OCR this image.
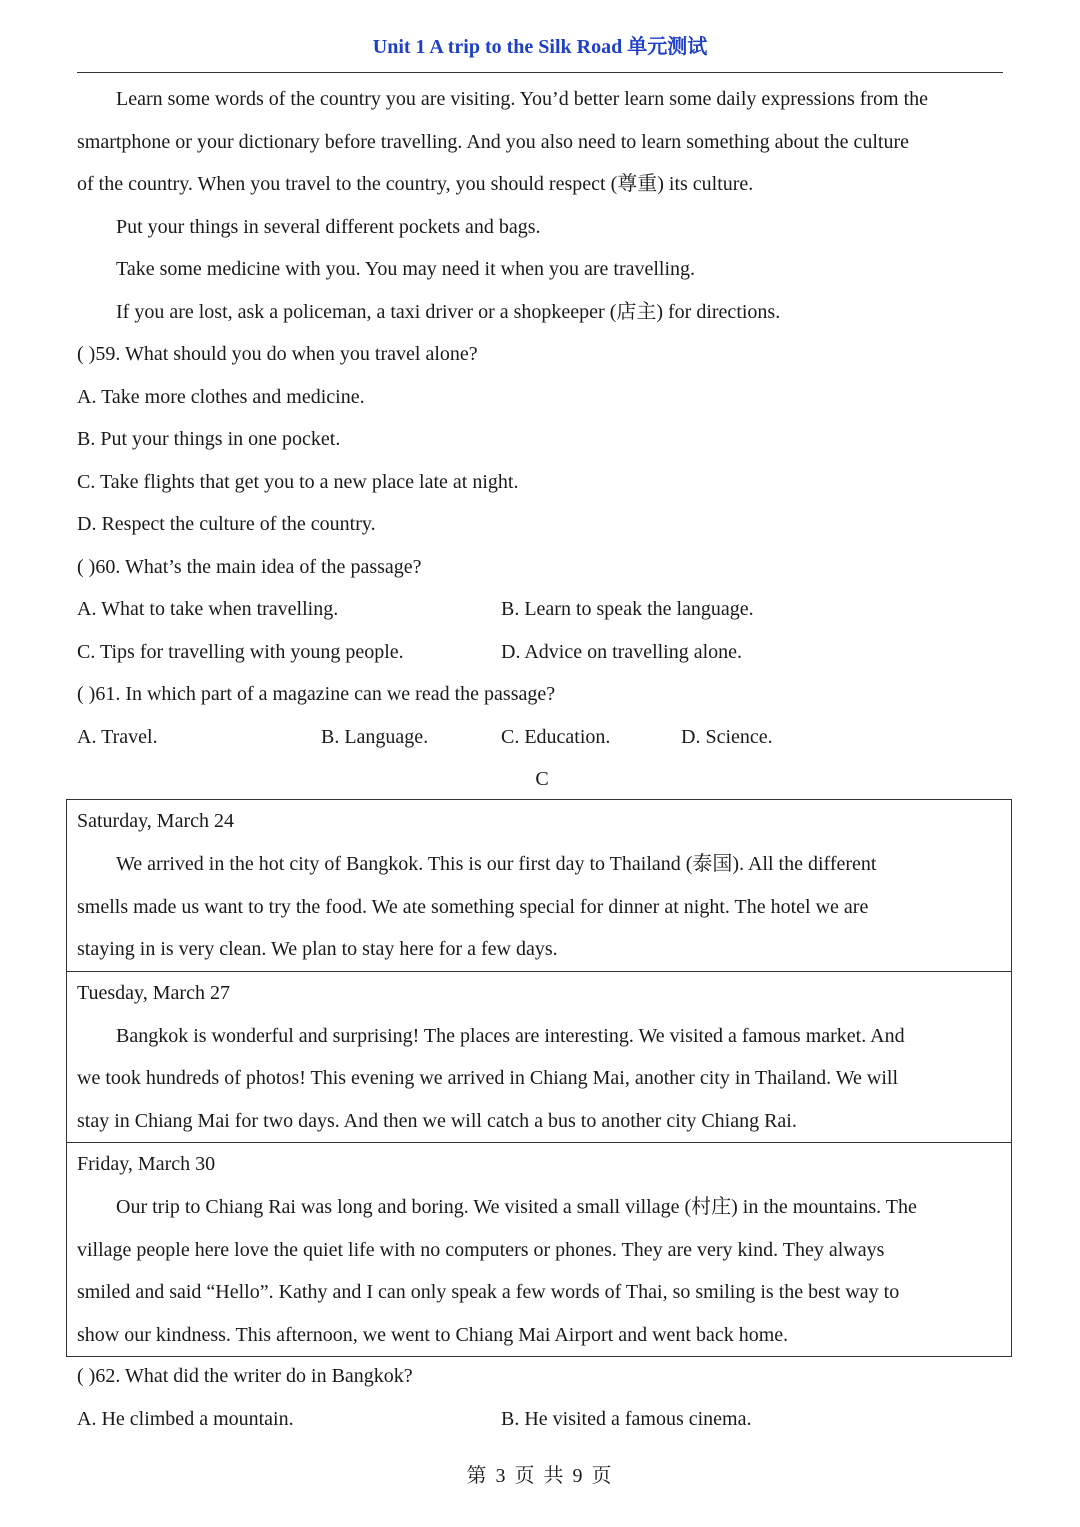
Unit 1 A trip to the Silk Road 单元测试
Learn some words of the country you are visiting. You’d better learn some daily expressions from the
smartphone or your dictionary before travelling. And you also need to learn something about the culture
of the country. When you travel to the country, you should respect (尊重) its culture.
Put your things in several different pockets and bags.
Take some medicine with you. You may need it when you are travelling.
If you are lost, ask a policeman, a taxi driver or a shopkeeper (店主) for directions.
( )59. What should you do when you travel alone?
A. Take more clothes and medicine.
B. Put your things in one pocket.
C. Take flights that get you to a new place late at night.
D. Respect the culture of the country.
( )60. What’s the main idea of the passage?
A. What to take when travelling.	B. Learn to speak the language.
C. Tips for travelling with young people.	D. Advice on travelling alone.
( )61. In which part of a magazine can we read the passage?
A. Travel.	B. Language.	C. Education.	D. Science.
C
Saturday, March 24
We arrived in the hot city of Bangkok. This is our first day to Thailand (泰国). All the different
smells made us want to try the food. We ate something special for dinner at night. The hotel we are
staying in is very clean. We plan to stay here for a few days.
Tuesday, March 27
Bangkok is wonderful and surprising! The places are interesting. We visited a famous market. And
we took hundreds of photos! This evening we arrived in Chiang Mai, another city in Thailand. We will
stay in Chiang Mai for two days. And then we will catch a bus to another city Chiang Rai.
Friday, March 30
Our trip to Chiang Rai was long and boring. We visited a small village (村庄) in the mountains. The
village people here love the quiet life with no computers or phones. They are very kind. They always
smiled and said “Hello”. Kathy and I can only speak a few words of Thai, so smiling is the best way to
show our kindness. This afternoon, we went to Chiang Mai Airport and went back home.
( )62. What did the writer do in Bangkok?
A. He climbed a mountain.	B. He visited a famous cinema.
第 3 页 共 9 页
